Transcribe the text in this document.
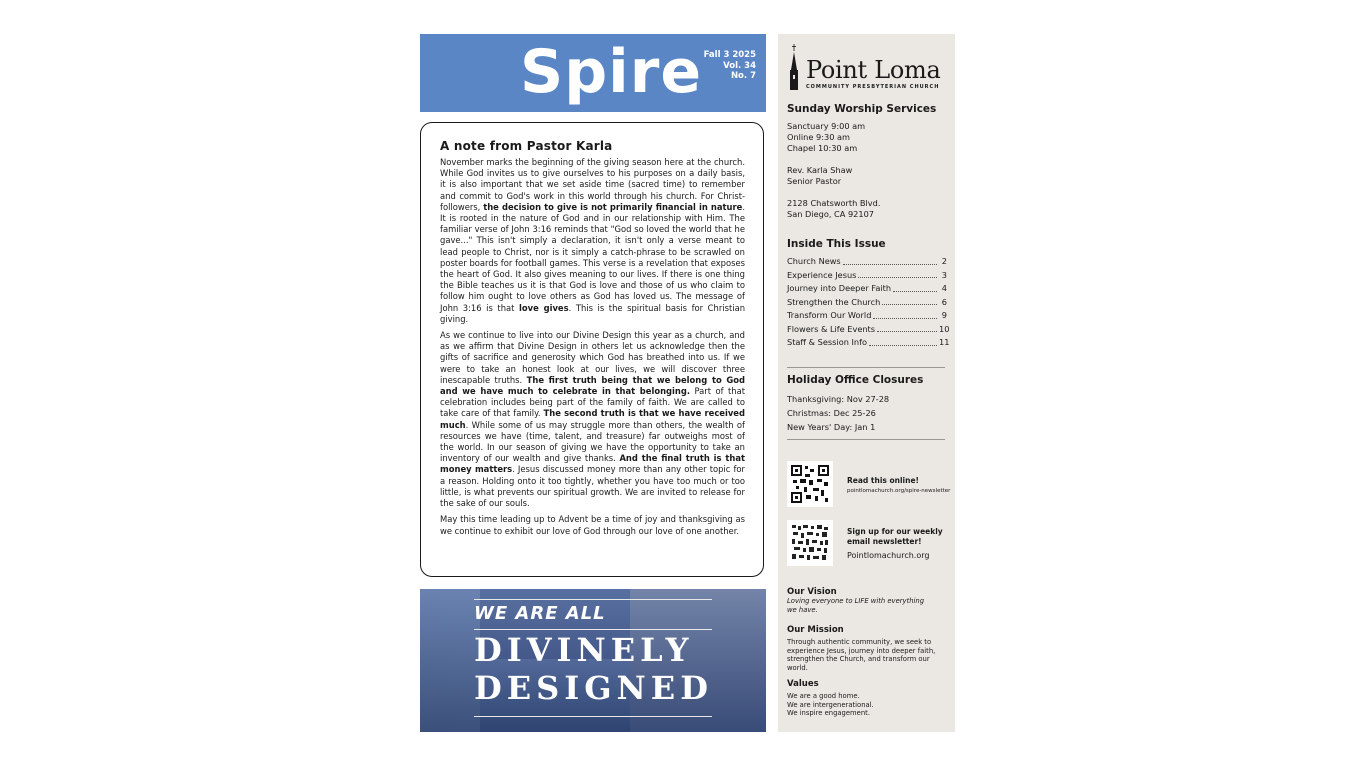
Spire Fall 3 2025
Vol. 34
No. 7
A note from Pastor Karla

November marks the beginning of the giving season here at the church. While God invites us to give ourselves to his purposes on a daily basis, it is also important that we set aside time (sacred time) to remember and commit to God's work in this world through his church. For Christ-followers, the decision to give is not primarily financial in nature. It is rooted in the nature of God and in our relationship with Him. The familiar verse of John 3:16 reminds that "God so loved the world that he gave..." This isn't simply a declaration, it isn't only a verse meant to lead people to Christ, nor is it simply a catch-phrase to be scrawled on poster boards for football games. This verse is a revelation that exposes the heart of God. It also gives meaning to our lives. If there is one thing the Bible teaches us it is that God is love and those of us who claim to follow him ought to love others as God has loved us. The message of John 3:16 is that love gives. This is the spiritual basis for Christian giving.

As we continue to live into our Divine Design this year as a church, and as we affirm that Divine Design in others let us acknowledge then the gifts of sacrifice and generosity which God has breathed into us. If we were to take an honest look at our lives, we will discover three inescapable truths. The first truth being that we belong to God and we have much to celebrate in that belonging. Part of that celebration includes being part of the family of faith. We are called to take care of that family. The second truth is that we have received much. While some of us may struggle more than others, the wealth of resources we have (time, talent, and treasure) far outweighs most of the world. In our season of giving we have the opportunity to take an inventory of our wealth and give thanks. And the final truth is that money matters. Jesus discussed money more than any other topic for a reason. Holding onto it too tightly, whether you have too much or too little, is what prevents our spiritual growth. We are invited to release for the sake of our souls.

May this time leading up to Advent be a time of joy and thanksgiving as we continue to exhibit our love of God through our love of one another.

WE ARE ALL
DIVINELY
DESIGNED
Point Loma
COMMUNITY PRESBYTERIAN CHURCH
Sunday Worship Services
Sanctuary 9:00 am
Online 9:30 am
Chapel 10:30 am
Rev. Karla Shaw
Senior Pastor
2128 Chatsworth Blvd.
San Diego, CA 92107
Inside This Issue
Church News	2
Experience Jesus	3
Journey into Deeper Faith	4
Strengthen the Church	6
Transform Our World	9
Flowers & Life Events	10
Staff & Session Info	11
Holiday Office Closures
Thanksgiving: Nov 27-28
Christmas: Dec 25-26
New Years' Day: Jan 1
Read this online!
pointlomachurch.org/spire-newsletter
Sign up for our weekly
email newsletter!
Pointlomachurch.org
Our Vision
Loving everyone to LIFE with everything we have.
Our Mission
Through authentic community, we seek to experience Jesus, journey into deeper faith, strengthen the Church, and transform our world.
Values
We are a good home.
We are intergenerational.
We inspire engagement.
